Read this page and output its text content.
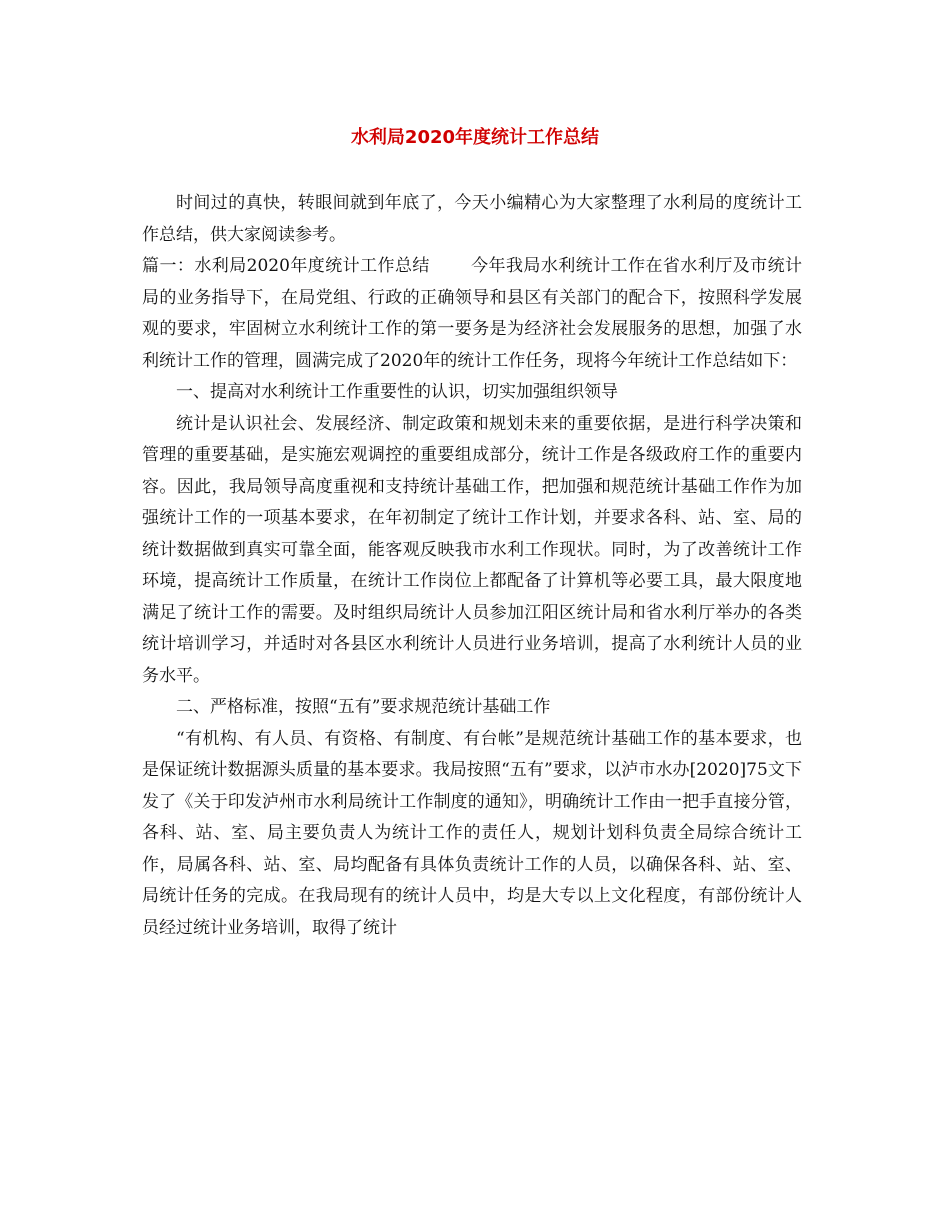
水利局2020年度统计工作总结

时间过的真快，转眼间就到年底了，今天小编精心为大家整理了水利局的度统计工作总结，供大家阅读参考。

篇一：水利局2020年度统计工作总结 今年我局水利统计工作在省水利厅及市统计局的业务指导下，在局党组、行政的正确领导和县区有关部门的配合下，按照科学发展观的要求，牢固树立水利统计工作的第一要务是为经济社会发展服务的思想，加强了水利统计工作的管理，圆满完成了2020年的统计工作任务，现将今年统计工作总结如下：

一、提高对水利统计工作重要性的认识，切实加强组织领导

统计是认识社会、发展经济、制定政策和规划未来的重要依据，是进行科学决策和管理的重要基础，是实施宏观调控的重要组成部分，统计工作是各级政府工作的重要内容。因此，我局领导高度重视和支持统计基础工作，把加强和规范统计基础工作作为加强统计工作的一项基本要求，在年初制定了统计工作计划，并要求各科、站、室、局的统计数据做到真实可靠全面，能客观反映我市水利工作现状。同时，为了改善统计工作环境，提高统计工作质量，在统计工作岗位上都配备了计算机等必要工具，最大限度地满足了统计工作的需要。及时组织局统计人员参加江阳区统计局和省水利厅举办的各类统计培训学习，并适时对各县区水利统计人员进行业务培训，提高了水利统计人员的业务水平。

二、严格标准，按照“五有”要求规范统计基础工作

“有机构、有人员、有资格、有制度、有台帐”是规范统计基础工作的基本要求，也是保证统计数据源头质量的基本要求。我局按照“五有”要求，以泸市水办[2020]75文下发了《关于印发泸州市水利局统计工作制度的通知》，明确统计工作由一把手直接分管，各科、站、室、局主要负责人为统计工作的责任人，规划计划科负责全局综合统计工作，局属各科、站、室、局均配备有具体负责统计工作的人员，以确保各科、站、室、局统计任务的完成。在我局现有的统计人员中，均是大专以上文化程度，有部份统计人员经过统计业务培训，取得了统计
